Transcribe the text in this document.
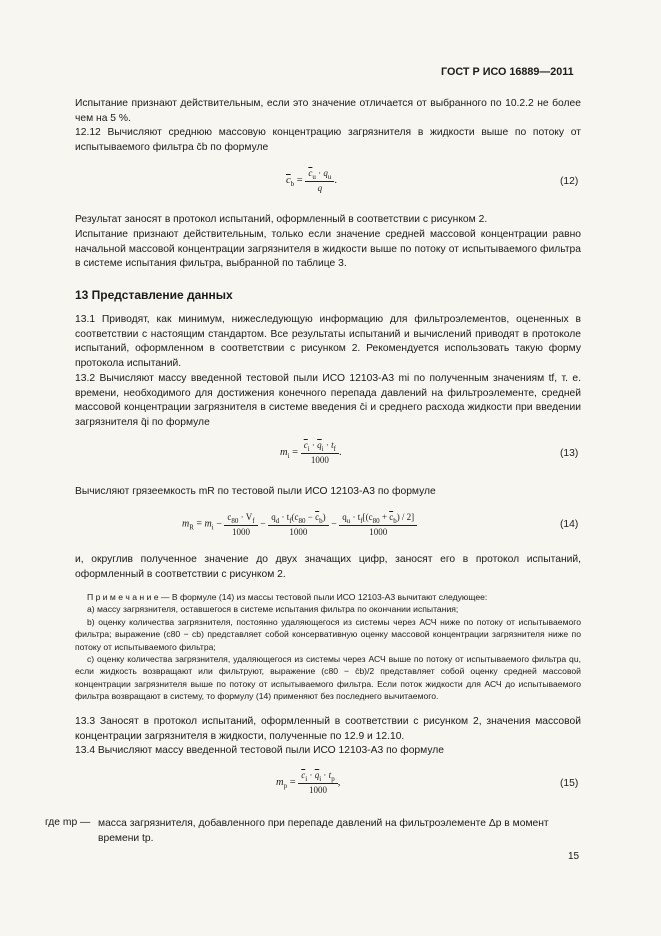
ГОСТ Р ИСО 16889—2011
Испытание признают действительным, если это значение отличается от выбранного по 10.2.2 не более чем на 5 %.
12.12 Вычисляют среднюю массовую концентрацию загрязнителя в жидкости выше по потоку от испытываемого фильтра c̄b по формуле
$\overline{c}_b = \frac{\overline{c}_u \cdot q_u}{q}$ .	(12)
Результат заносят в протокол испытаний, оформленный в соответствии с рисунком 2.
Испытание признают действительным, только если значение средней массовой концентрации равно начальной массовой концентрации загрязнителя в жидкости выше по потоку от испытываемого фильтра в системе испытания фильтра, выбранной по таблице 3.
13 Представление данных
13.1 Приводят, как минимум, нижеследующую информацию для фильтроэлементов, оцененных в соответствии с настоящим стандартом. Все результаты испытаний и вычислений приводят в протоколе испытаний, оформленном в соответствии с рисунком 2. Рекомендуется использовать такую форму протокола испытаний.
13.2 Вычисляют массу введенной тестовой пыли ИСО 12103-А3 mi по полученным значениям tf, т. е. времени, необходимого для достижения конечного перепада давлений на фильтроэлементе, средней массовой концентрации загрязнителя в системе введения c̄i и среднего расхода жидкости при введении загрязнителя q̄i по формуле
$m_i = \frac{\overline{c}_i \cdot \overline{q}_i \cdot t_f}{1000}$ .	(13)
Вычисляют грязеемкость mR по тестовой пыли ИСО 12103-А3 по формуле
$m_R = m_i - \frac{c_{80} \cdot V_f}{1000} - \frac{q_d \cdot t_f(c_{80} - \overline{c}_b)}{1000} - \frac{q_u \cdot t_f[(c_{80} + \overline{c}_b) / 2]}{1000}$	(14)
и, округлив полученное значение до двух значащих цифр, заносят его в протокол испытаний, оформленный в соответствии с рисунком 2.
П р и м е ч а н и е — В формуле (14) из массы тестовой пыли ИСО 12103-А3 вычитают следующее:
а) массу загрязнителя, оставшегося в системе испытания фильтра по окончании испытания;
b) оценку количества загрязнителя, постоянно удаляющегося из системы через АСЧ ниже по потоку от испытываемого фильтра; выражение (c80 − cb) представляет собой консервативную оценку массовой концентрации загрязнителя ниже по потоку от испытываемого фильтра;
c) оценку количества загрязнителя, удаляющегося из системы через АСЧ выше по потоку от испытываемого фильтра qu, если жидкость возвращают или фильтруют, выражение (c80 − c̄b)/2 представляет собой оценку средней массовой концентрации загрязнителя выше по потоку от испытываемого фильтра. Если поток жидкости для АСЧ до испытываемого фильтра возвращают в систему, то формулу (14) применяют без последнего вычитаемого.
13.3 Заносят в протокол испытаний, оформленный в соответствии с рисунком 2, значения массовой концентрации загрязнителя в жидкости, полученные по 12.9 и 12.10.
13.4 Вычисляют массу введенной тестовой пыли ИСО 12103-А3 по формуле
$m_p = \frac{\overline{c}_i \cdot \overline{q}_i \cdot t_p}{1000}$ ,	(15)
где mp — масса загрязнителя, добавленного при перепаде давлений на фильтроэлементе Δp в момент
времени tp.
15
